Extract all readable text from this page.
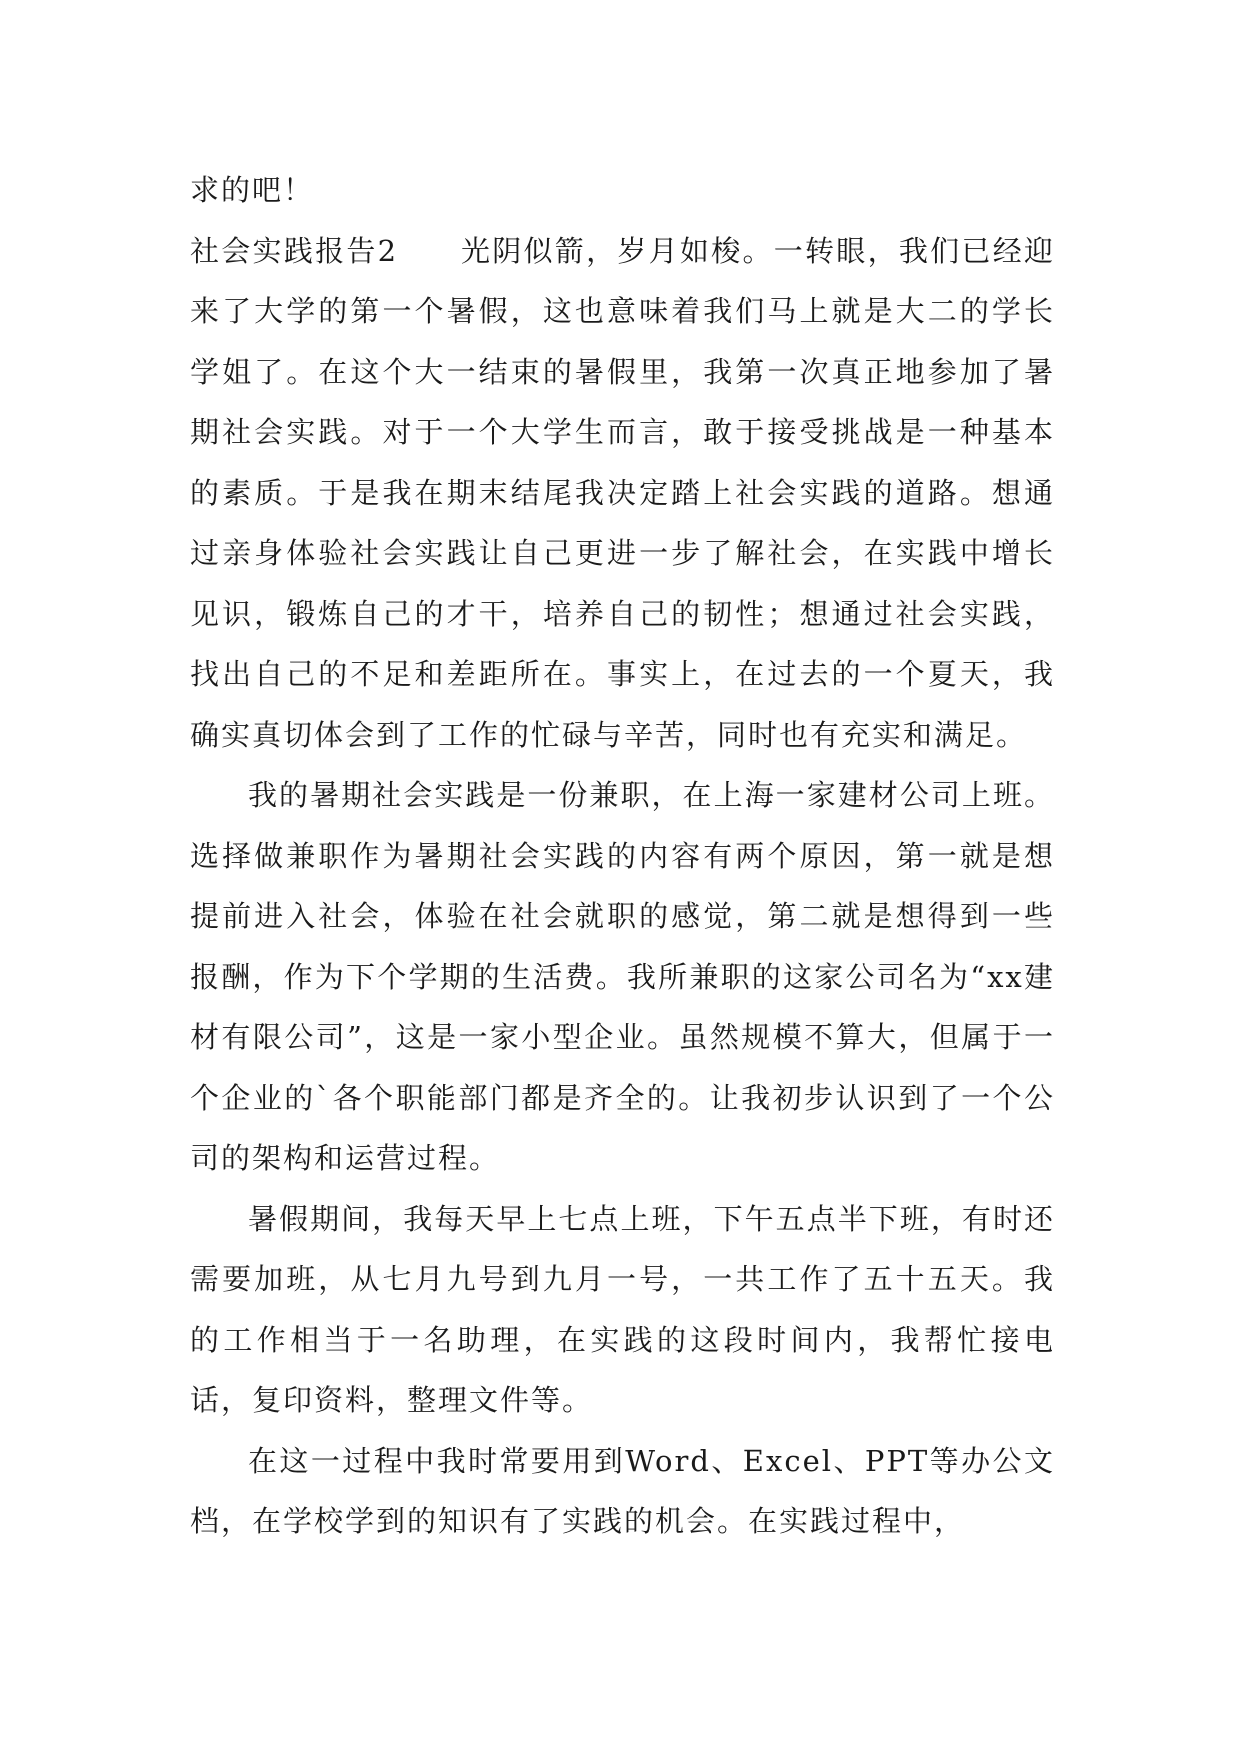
求的吧！

社会实践报告2　　 光阴似箭，岁月如梭。一转眼，我们已经迎来了大学的第一个暑假，这也意味着我们马上就是大二的学长学姐了。在这个大一结束的暑假里，我第一次真正地参加了暑期社会实践。对于一个大学生而言，敢于接受挑战是一种基本的素质。于是我在期末结尾我决定踏上社会实践的道路。想通过亲身体验社会实践让自己更进一步了解社会，在实践中增长见识，锻炼自己的才干，培养自己的韧性；想通过社会实践，找出自己的不足和差距所在。事实上，在过去的一个夏天，我确实真切体会到了工作的忙碌与辛苦，同时也有充实和满足。

我的暑期社会实践是一份兼职，在上海一家建材公司上班。选择做兼职作为暑期社会实践的内容有两个原因，第一就是想提前进入社会，体验在社会就职的感觉，第二就是想得到一些报酬，作为下个学期的生活费。我所兼职的这家公司名为“xx建材有限公司”，这是一家小型企业。虽然规模不算大，但属于一个企业的`各个职能部门都是齐全的。让我初步认识到了一个公司的架构和运营过程。

暑假期间，我每天早上七点上班，下午五点半下班，有时还需要加班，从七月九号到九月一号，一共工作了五十五天。我的工作相当于一名助理，在实践的这段时间内，我帮忙接电话，复印资料，整理文件等。

在这一过程中我时常要用到Word、Excel、PPT等办公文档，在学校学到的知识有了实践的机会。在实践过程中，
